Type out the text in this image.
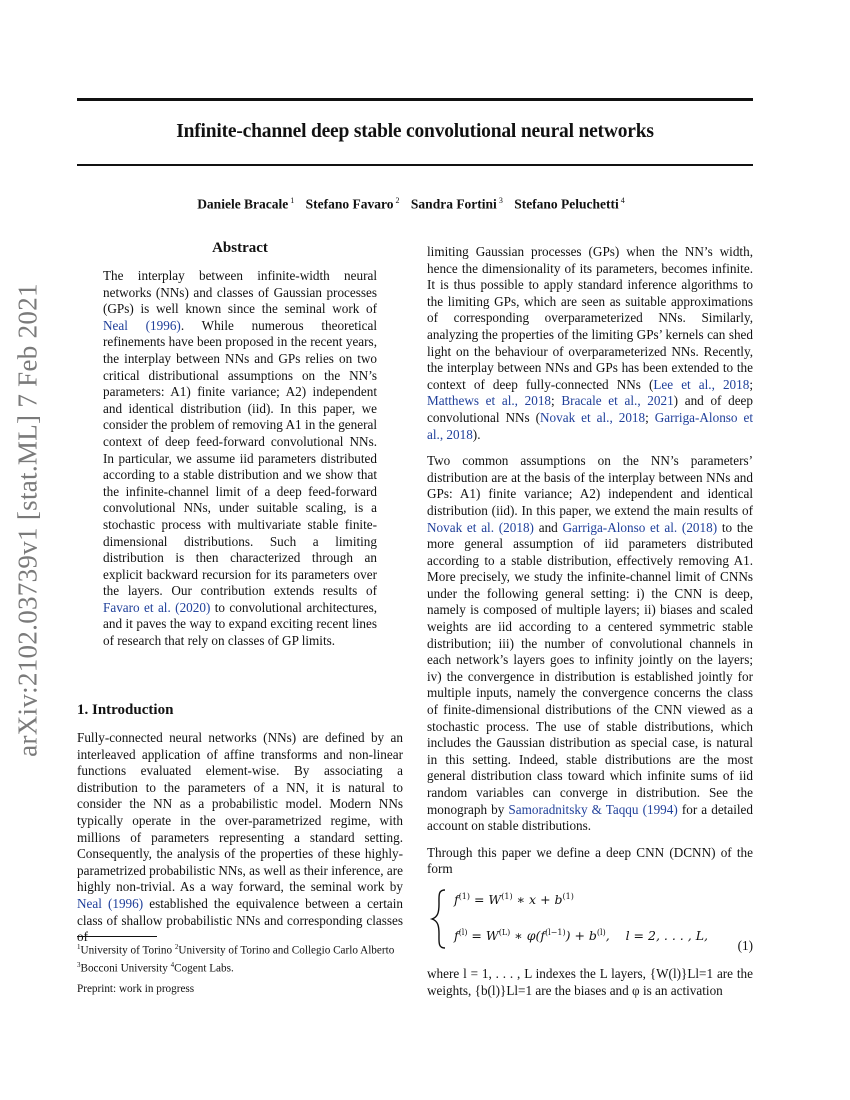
Infinite-channel deep stable convolutional neural networks
Daniele Bracale $^1$ Stefano Favaro $^2$ Sandra Fortini $^3$ Stefano Peluchetti $^4$
arXiv:2102.03739v1 [stat.ML] 7 Feb 2021
Abstract
The interplay between infinite-width neural networks (NNs) and classes of Gaussian processes (GPs) is well known since the seminal work of Neal (1996). While numerous theoretical refinements have been proposed in the recent years, the interplay between NNs and GPs relies on two critical distributional assumptions on the NN’s parameters: A1) finite variance; A2) independent and identical distribution (iid). In this paper, we consider the problem of removing A1 in the general context of deep feed-forward convolutional NNs. In particular, we assume iid parameters distributed according to a stable distribution and we show that the infinite-channel limit of a deep feed-forward convolutional NNs, under suitable scaling, is a stochastic process with multivariate stable finite-dimensional distributions. Such a limiting distribution is then characterized through an explicit backward recursion for its parameters over the layers. Our contribution extends results of Favaro et al. (2020) to convolutional architectures, and it paves the way to expand exciting recent lines of research that rely on classes of GP limits.
1. Introduction
Fully-connected neural networks (NNs) are defined by an interleaved application of affine transforms and non-linear functions evaluated element-wise. By associating a distribution to the parameters of a NN, it is natural to consider the NN as a probabilistic model. Modern NNs typically operate in the over-parametrized regime, with millions of parameters representing a standard setting. Consequently, the analysis of the properties of these highly-parametrized probabilistic NNs, as well as their inference, are highly non-trivial. As a way forward, the seminal work by Neal (1996) established the equivalence between a certain class of shallow probabilistic NNs and corresponding classes
$^1$University of Torino $^2$University of Torino and Collegio Carlo Alberto $^3$Bocconi University $^4$Cogent Labs.
Preprint: work in progress

limiting Gaussian processes (GPs) when the NN’s width, hence the dimensionality of its parameters, becomes infinite. It is thus possible to apply standard inference algorithms to the limiting GPs, which are seen as suitable approximations of corresponding overparameterized NNs. Similarly, analyzing the properties of the limiting GPs’ kernels can shed light on the behaviour of overparameterized NNs. Recently, the interplay between NNs and GPs has been extended to the context of deep fully-connected NNs (Lee et al., 2018; Matthews et al., 2018; Bracale et al., 2021) and of deep convolutional NNs (Novak et al., 2018; Garriga-Alonso et al., 2018).

Two common assumptions on the NN’s parameters’ distribution are at the basis of the interplay between NNs and GPs: A1) finite variance; A2) independent and identical distribution (iid). In this paper, we extend the main results of Novak et al. (2018) and Garriga-Alonso et al. (2018) to the more general assumption of iid parameters distributed according to a stable distribution, effectively removing A1. More precisely, we study the infinite-channel limit of CNNs under the following general setting: i) the CNN is deep, namely is composed of multiple layers; ii) biases and scaled weights are iid according to a centered symmetric stable distribution; iii) the number of convolutional channels in each network’s layers goes to infinity jointly on the layers; iv) the convergence in distribution is established jointly for multiple inputs, namely the convergence concerns the class of finite-dimensional distributions of the CNN viewed as a stochastic process. The use of stable distributions, which includes the Gaussian distribution as special case, is natural in this setting. Indeed, stable distributions are the most general distribution class toward which infinite sums of iid random variables can converge in distribution. See the monograph by Samoradnitsky & Taqqu (1994) for a detailed account on stable distributions.

Through this paper we define a deep CNN (DCNN) of the form

$f^{(1)} = W^{(1)}$ ∗ $x + b^{(1)}$
$f^{(l)} = W^{(L)}$ ∗ $\varphi(f^{(l-1)}) + b^{(l)}$,    l = 2, . . . , L,
(1)
where l = 1, . . . , L indexes the L layers, {W(l)}Ll=1 are the weights, {b(l)}Ll=1 are the biases and φ is an activation
